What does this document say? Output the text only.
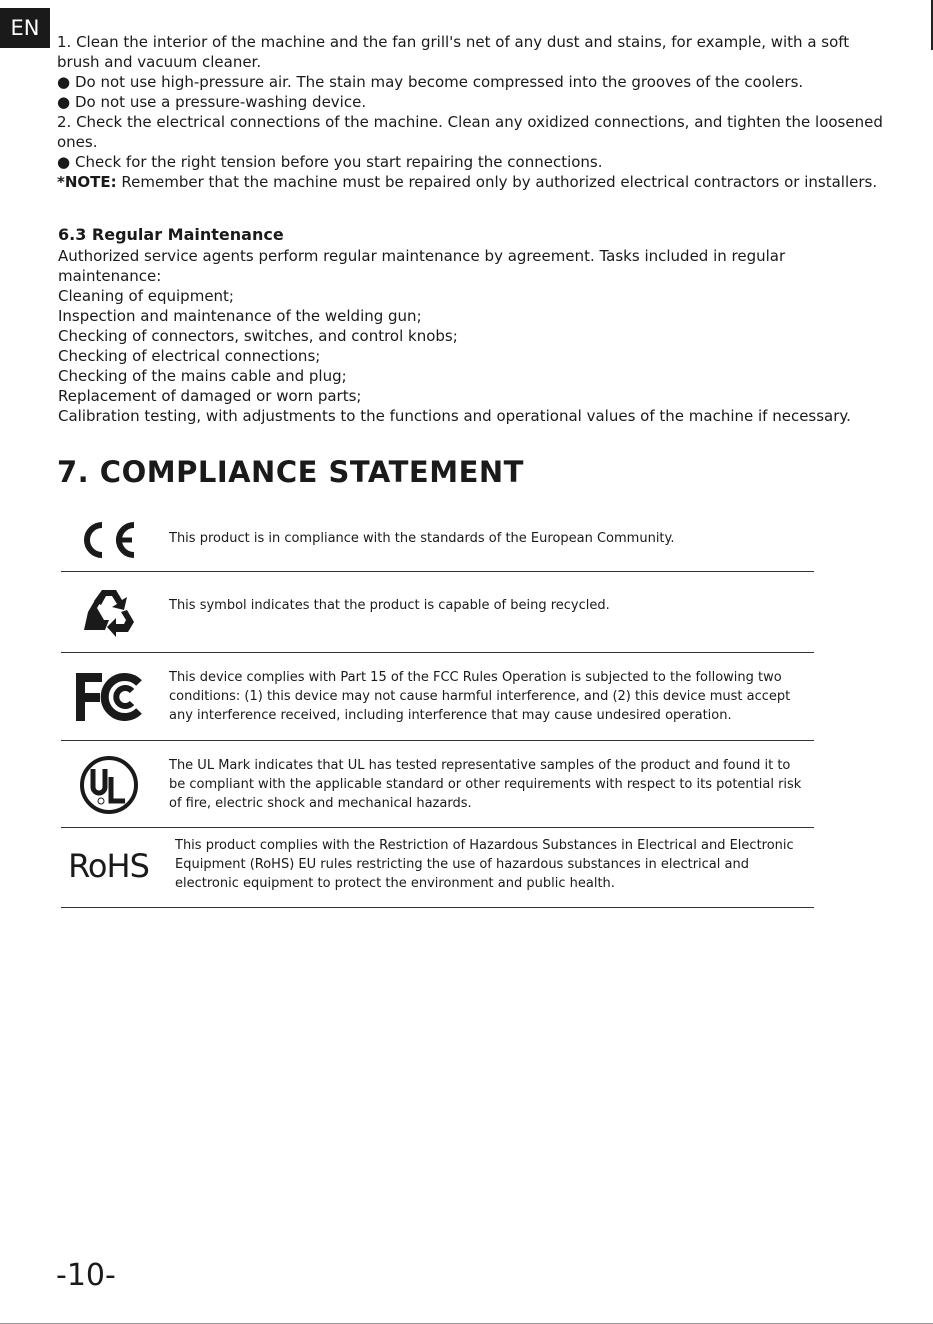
EN

1. Clean the interior of the machine and the fan grill's net of any dust and stains, for example, with a soft brush and vacuum cleaner.

● Do not use high-pressure air. The stain may become compressed into the grooves of the coolers.

● Do not use a pressure-washing device.

2. Check the electrical connections of the machine. Clean any oxidized connections, and tighten the loosened ones.

● Check for the right tension before you start repairing the connections.

*NOTE: Remember that the machine must be repaired only by authorized electrical contractors or installers.

6.3 Regular Maintenance

Authorized service agents perform regular maintenance by agreement. Tasks included in regular maintenance:

Cleaning of equipment;

Inspection and maintenance of the welding gun;

Checking of connectors, switches, and control knobs;

Checking of electrical connections;

Checking of the mains cable and plug;

Replacement of damaged or worn parts;

Calibration testing, with adjustments to the functions and operational values of the machine if necessary.

7. COMPLIANCE STATEMENT
This product is in compliance with the standards of the European Community.
This symbol indicates that the product is capable of being recycled.
This device complies with Part 15 of the FCC Rules Operation is subjected to the following two conditions: (1) this device may not cause harmful interference, and (2) this device must accept any interference received, including interference that may cause undesired operation.
The UL Mark indicates that UL has tested representative samples of the product and found it to be compliant with the applicable standard or other requirements with respect to its potential risk of fire, electric shock and mechanical hazards.
RoHS
This product complies with the Restriction of Hazardous Substances in Electrical and Electronic Equipment (RoHS) EU rules restricting the use of hazardous substances in electrical and electronic equipment to protect the environment and public health.

-10-
